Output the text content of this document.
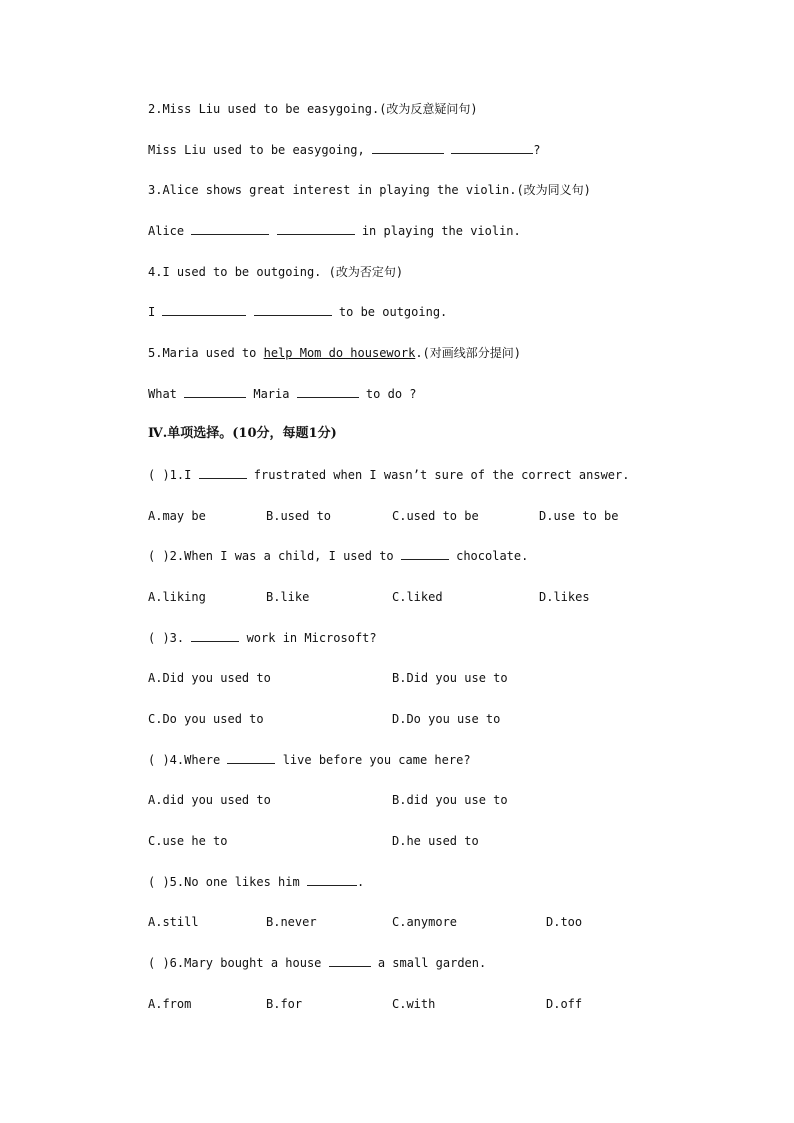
2.Miss Liu used to be easygoing.(改为反意疑问句)
Miss Liu used to be easygoing,	?
3.Alice shows great interest in playing the violin.(改为同义句)
Alice	in playing the violin.
4.I used to be outgoing. (改为否定句)
I	to be outgoing.
5.Maria used to help Mom do housework.(对画线部分提问)
What	Maria	to do ?
Ⅳ.单项选择。(10分，每题1分)
( )1.I	frustrated when I wasn’t sure of the correct answer.
A.may be	B.used to	C.used to be	D.use to be
( )2.When I was a child, I used to	chocolate.
A.liking	B.like	C.liked	D.likes
( )3.	work in Microsoft?
A.Did you used to	B.Did you use to
C.Do you used to	D.Do you use to
( )4.Where	live before you came here?
A.did you used to	B.did you use to
C.use he to	D.he used to
( )5.No one likes him	.
A.still	B.never	C.anymore	D.too
( )6.Mary bought a house	a small garden.
A.from	B.for	C.with	D.off
